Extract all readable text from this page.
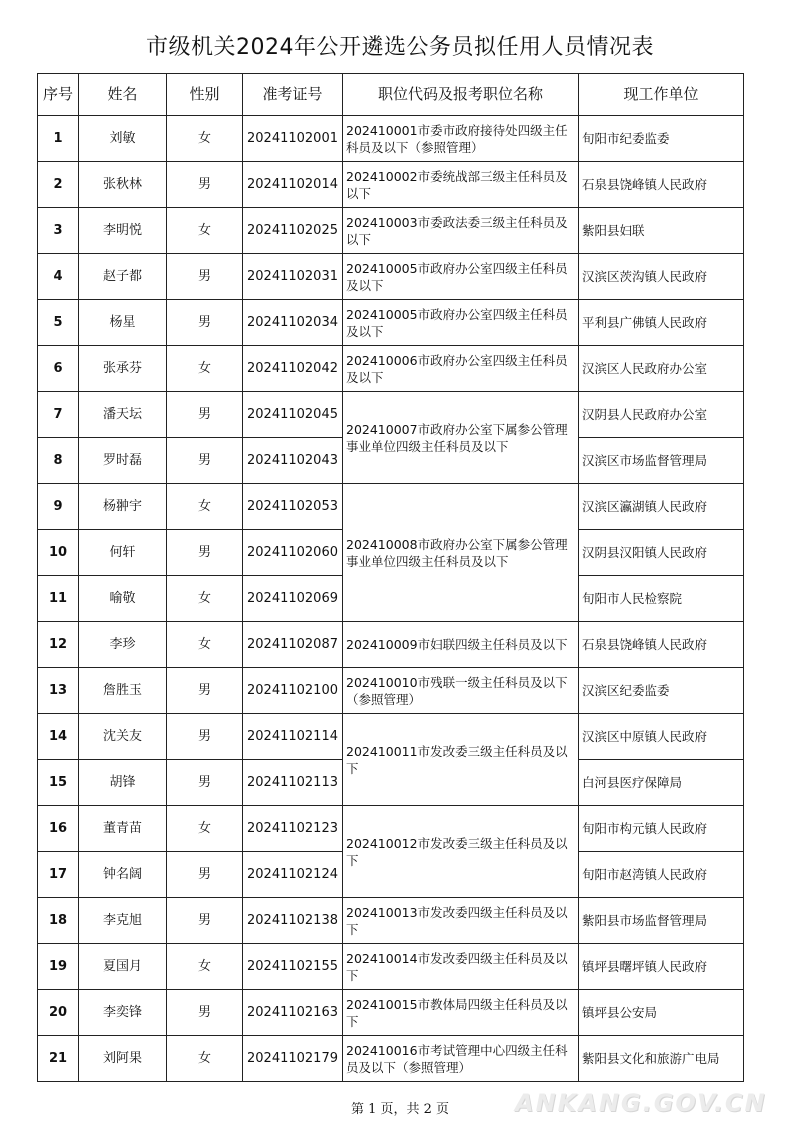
市级机关2024年公开遴选公务员拟任用人员情况表
序号	姓名	性别	准考证号	职位代码及报考职位名称	现工作单位
1	刘敏	女	20241102001	202410001市委市政府接待处四级主任科员及以下（参照管理）	旬阳市纪委监委
2	张秋林	男	20241102014	202410002市委统战部三级主任科员及以下	石泉县饶峰镇人民政府
3	李明悦	女	20241102025	202410003市委政法委三级主任科员及以下	紫阳县妇联
4	赵子都	男	20241102031	202410005市政府办公室四级主任科员及以下	汉滨区茨沟镇人民政府
5	杨星	男	20241102034	202410005市政府办公室四级主任科员及以下	平利县广佛镇人民政府
6	张承芬	女	20241102042	202410006市政府办公室四级主任科员及以下	汉滨区人民政府办公室
7	潘天坛	男	20241102045	202410007市政府办公室下属参公管理事业单位四级主任科员及以下	汉阴县人民政府办公室
8	罗时磊	男	20241102043		汉滨区市场监督管理局
9	杨翀宇	女	20241102053	202410008市政府办公室下属参公管理事业单位四级主任科员及以下	汉滨区瀛湖镇人民政府
10	何轩	男	20241102060		汉阴县汉阳镇人民政府
11	喻敬	女	20241102069		旬阳市人民检察院
12	李珍	女	20241102087	202410009市妇联四级主任科员及以下	石泉县饶峰镇人民政府
13	詹胜玉	男	20241102100	202410010市残联一级主任科员及以下（参照管理）	汉滨区纪委监委
14	沈关友	男	20241102114	202410011市发改委三级主任科员及以下	汉滨区中原镇人民政府
15	胡锋	男	20241102113		白河县医疗保障局
16	董青苗	女	20241102123	202410012市发改委三级主任科员及以下	旬阳市构元镇人民政府
17	钟名阔	男	20241102124		旬阳市赵湾镇人民政府
18	李克旭	男	20241102138	202410013市发改委四级主任科员及以下	紫阳县市场监督管理局
19	夏国月	女	20241102155	202410014市发改委四级主任科员及以下	镇坪县曙坪镇人民政府
20	李奕锋	男	20241102163	202410015市教体局四级主任科员及以下	镇坪县公安局
21	刘阿果	女	20241102179	202410016市考试管理中心四级主任科员及以下（参照管理）	紫阳县文化和旅游广电局
第 1 页，共 2 页	ANKANG.GOV.CN
